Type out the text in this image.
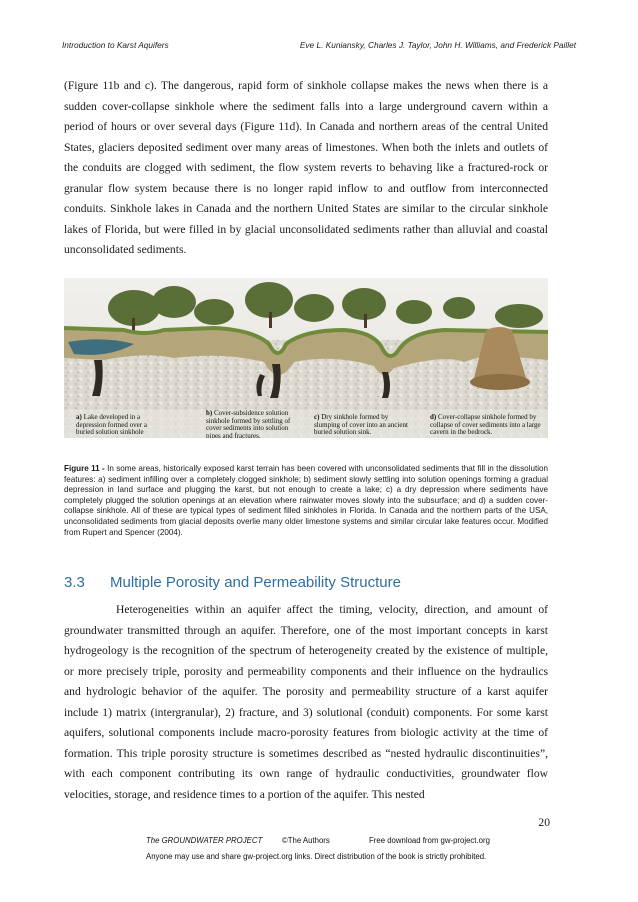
Introduction to Karst Aquifers	Eve L. Kuniansky, Charles J. Taylor, John H. Williams, and Frederick Paillet

(Figure 11b and c). The dangerous, rapid form of sinkhole collapse makes the news when there is a sudden cover-collapse sinkhole where the sediment falls into a large underground cavern within a period of hours or over several days (Figure 11d). In Canada and northern areas of the central United States, glaciers deposited sediment over many areas of limestones. When both the inlets and outlets of the conduits are clogged with sediment, the flow system reverts to behaving like a fractured-rock or granular flow system because there is no longer rapid inflow to and outflow from interconnected conduits. Sinkhole lakes in Canada and the northern United States are similar to the circular sinkhole lakes of Florida, but were filled in by glacial unconsolidated sediments rather than alluvial and coastal unconsolidated sediments.

a) Lake developed in a depression formed over a buried solution sinkhole
b) Cover-subsidence solution sinkhole formed by settling of cover sediments into solution pipes and fractures.
c) Dry sinkhole formed by slumping of cover into an ancient buried solution sink.
d) Cover-collapse sinkhole formed by collapse of cover sediments into a large cavern in the bedrock.

Figure 11 - In some areas, historically exposed karst terrain has been covered with unconsolidated sediments that fill in the dissolution features: a) sediment infilling over a completely clogged sinkhole; b) sediment slowly settling into solution openings forming a gradual depression in land surface and plugging the karst, but not enough to create a lake; c) a dry depression where sediments have completely plugged the solution openings at an elevation where rainwater moves slowly into the subsurface; and d) a sudden cover-collapse sinkhole. All of these are typical types of sediment filled sinkholes in Florida. In Canada and the northern parts of the USA, unconsolidated sediments from glacial deposits overlie many older limestone systems and similar circular lake features occur. Modified from Rupert and Spencer (2004).

3.3 Multiple Porosity and Permeability Structure

Heterogeneities within an aquifer affect the timing, velocity, direction, and amount of groundwater transmitted through an aquifer. Therefore, one of the most important concepts in karst hydrogeology is the recognition of the spectrum of heterogeneity created by the existence of multiple, or more precisely triple, porosity and permeability components and their influence on the hydraulics and hydrologic behavior of the aquifer. The porosity and permeability structure of a karst aquifer include 1) matrix (intergranular), 2) fracture, and 3) solutional (conduit) components. For some karst aquifers, solutional components include macro-porosity features from biologic activity at the time of formation. This triple porosity structure is sometimes described as “nested hydraulic discontinuities”, with each component contributing its own range of hydraulic conductivities, groundwater flow velocities, storage, and residence times to a portion of the aquifer. This nested

20
The GROUNDWATER PROJECT	©The Authors	Free download from gw-project.org
Anyone may use and share gw-project.org links. Direct distribution of the book is strictly prohibited.
